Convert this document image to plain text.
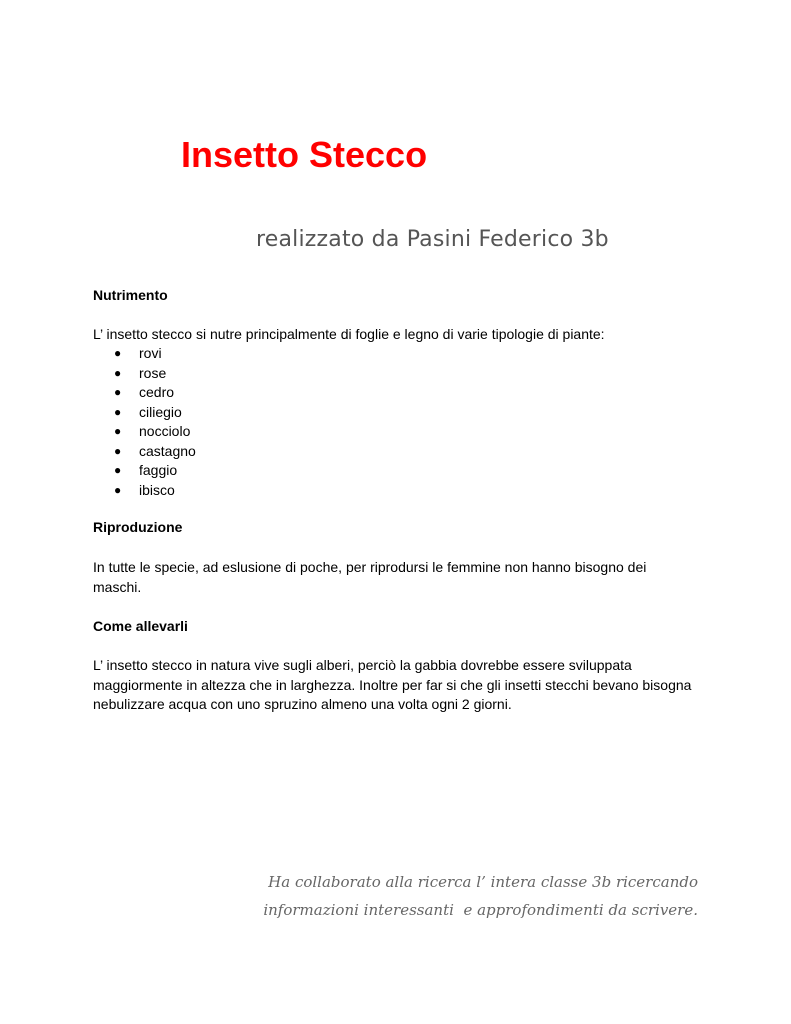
Insetto Stecco
realizzato da Pasini Federico 3b
Nutrimento
L’ insetto stecco si nutre principalmente di foglie e legno di varie tipologie di piante:
● rovi
● rose
● cedro
● ciliegio
● nocciolo
● castagno
● faggio
● ibisco
Riproduzione
In tutte le specie, ad eslusione di poche, per riprodursi le femmine non hanno bisogno dei maschi.
Come allevarli
L’ insetto stecco in natura vive sugli alberi, perciò la gabbia dovrebbe essere sviluppata maggiormente in altezza che in larghezza. Inoltre per far si che gli insetti stecchi bevano bisogna nebulizzare acqua con uno spruzino almeno una volta ogni 2 giorni.

Ha collaborato alla ricerca l’ intera classe 3b ricercando
informazioni interessanti  e approfondimenti da scrivere.
